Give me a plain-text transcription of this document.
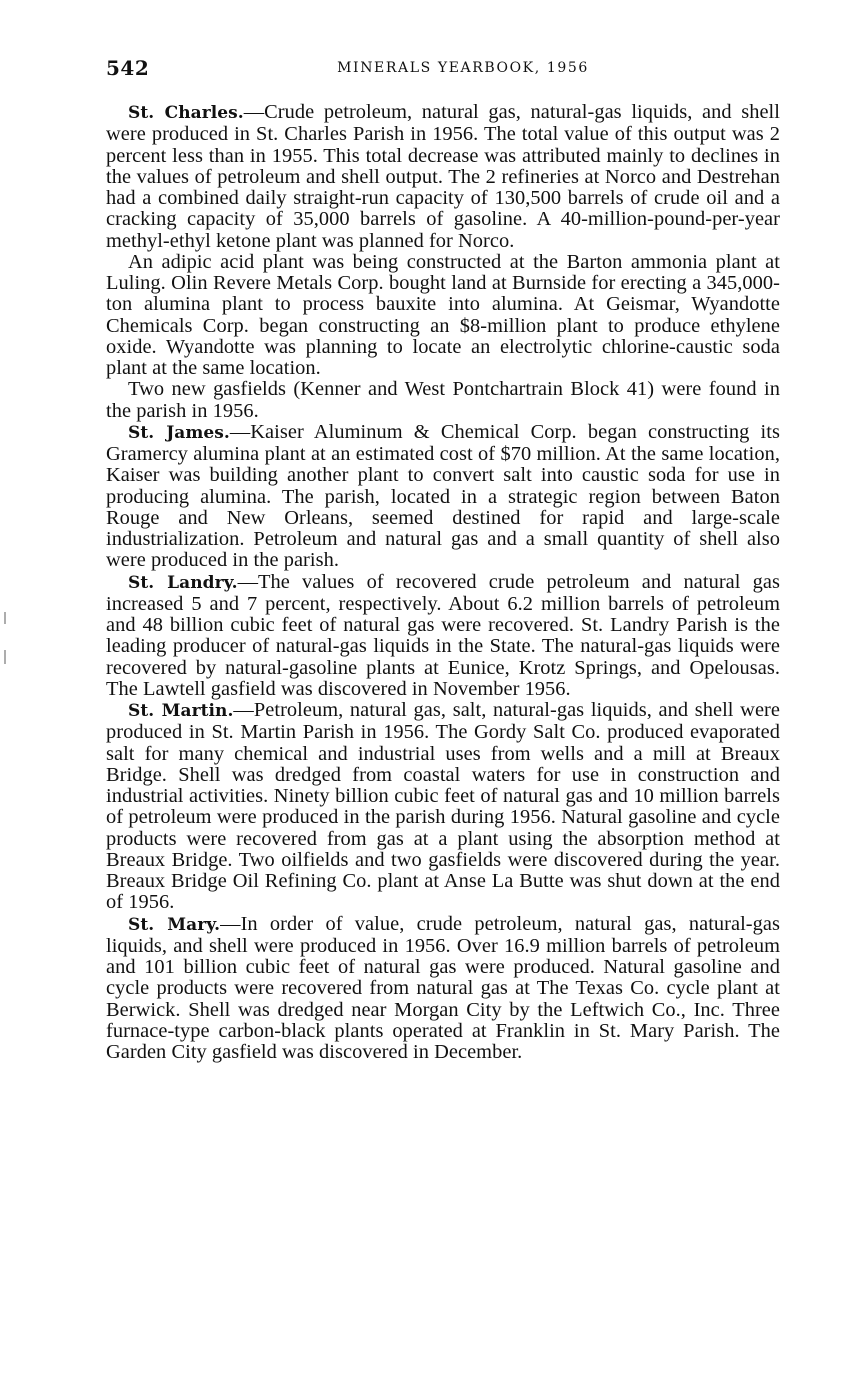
542	MINERALS YEARBOOK, 1956

St. Charles.—Crude petroleum, natural gas, natural-gas liquids, and shell were produced in St. Charles Parish in 1956. The total value of this output was 2 percent less than in 1955. This total decrease was attributed mainly to declines in the values of petroleum and shell output. The 2 refineries at Norco and Destrehan had a combined daily straight-run capacity of 130,500 barrels of crude oil and a cracking capacity of 35,000 barrels of gasoline. A 40-million-pound-per-year methyl-ethyl ketone plant was planned for Norco.

An adipic acid plant was being constructed at the Barton ammonia plant at Luling. Olin Revere Metals Corp. bought land at Burnside for erecting a 345,000-ton alumina plant to process bauxite into alumina. At Geismar, Wyandotte Chemicals Corp. began constructing an $8-million plant to produce ethylene oxide. Wyandotte was planning to locate an electrolytic chlorine-caustic soda plant at the same location.

Two new gasfields (Kenner and West Pontchartrain Block 41) were found in the parish in 1956.

St. James.—Kaiser Aluminum & Chemical Corp. began constructing its Gramercy alumina plant at an estimated cost of $70 million. At the same location, Kaiser was building another plant to convert salt into caustic soda for use in producing alumina. The parish, located in a strategic region between Baton Rouge and New Orleans, seemed destined for rapid and large-scale industrialization. Petroleum and natural gas and a small quantity of shell also were produced in the parish.

St. Landry.—The values of recovered crude petroleum and natural gas increased 5 and 7 percent, respectively. About 6.2 million barrels of petroleum and 48 billion cubic feet of natural gas were recovered. St. Landry Parish is the leading producer of natural-gas liquids in the State. The natural-gas liquids were recovered by natural-gasoline plants at Eunice, Krotz Springs, and Opelousas. The Lawtell gasfield was discovered in November 1956.

St. Martin.—Petroleum, natural gas, salt, natural-gas liquids, and shell were produced in St. Martin Parish in 1956. The Gordy Salt Co. produced evaporated salt for many chemical and industrial uses from wells and a mill at Breaux Bridge. Shell was dredged from coastal waters for use in construction and industrial activities. Ninety billion cubic feet of natural gas and 10 million barrels of petroleum were produced in the parish during 1956. Natural gasoline and cycle products were recovered from gas at a plant using the absorption method at Breaux Bridge. Two oilfields and two gasfields were discovered during the year. Breaux Bridge Oil Refining Co. plant at Anse La Butte was shut down at the end of 1956.

St. Mary.—In order of value, crude petroleum, natural gas, natural-gas liquids, and shell were produced in 1956. Over 16.9 million barrels of petroleum and 101 billion cubic feet of natural gas were produced. Natural gasoline and cycle products were recovered from natural gas at The Texas Co. cycle plant at Berwick. Shell was dredged near Morgan City by the Leftwich Co., Inc. Three furnace-type carbon-black plants operated at Franklin in St. Mary Parish. The Garden City gasfield was discovered in December.
